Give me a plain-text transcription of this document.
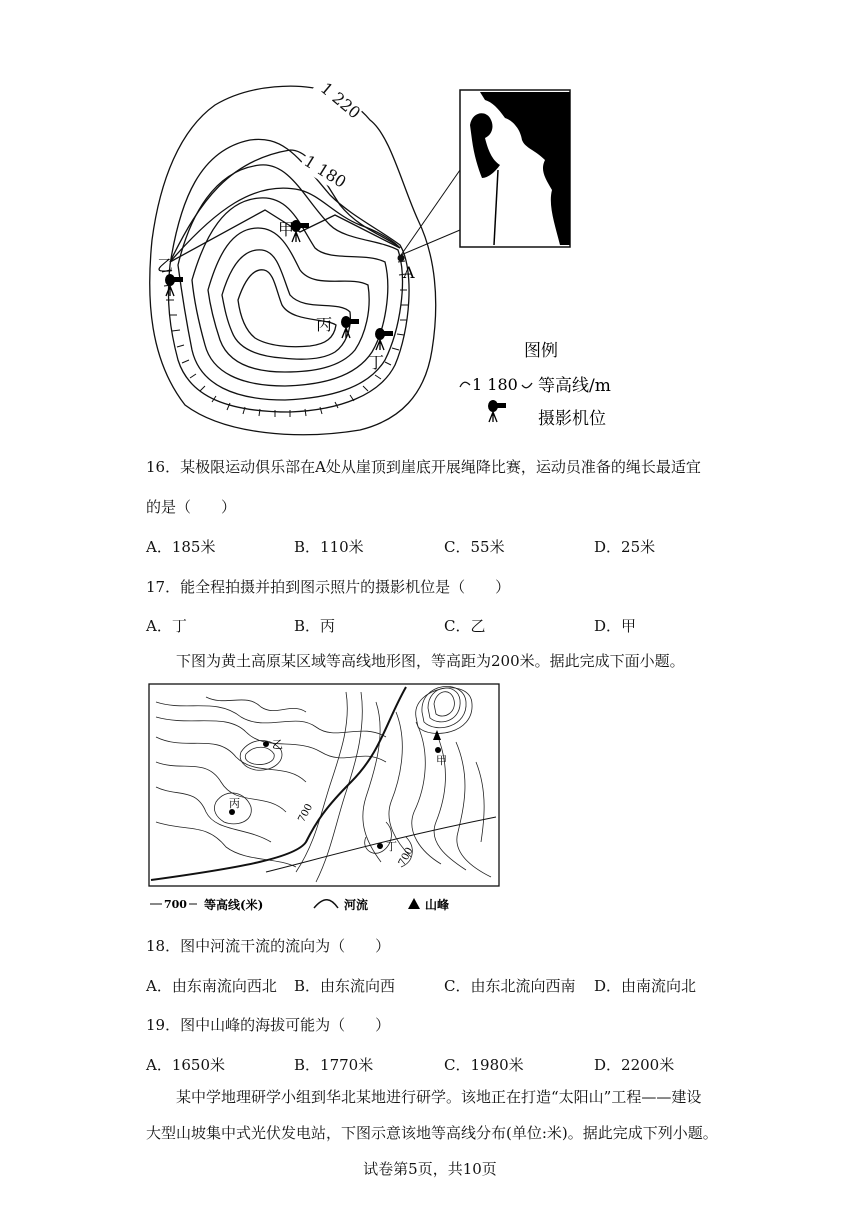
1 220
1 180
A
甲
乙
丙
丁
图例
1 180 等高线/m
摄影机位
16．某极限运动俱乐部在A处从崖顶到崖底开展绳降比赛，运动员准备的绳长最适宜
的是（　　）
A．185米	B．110米	C．55米	D．25米
17．能全程拍摄并拍到图示照片的摄影机位是（　　）
A．丁	B．丙	C．乙	D．甲
下图为黄土高原某区域等高线地形图，等高距为200米。据此完成下面小题。
甲
乙
丙
丁
700
700
700 等高线(米)	河流	山峰
18．图中河流干流的流向为（　　）
A．由东南流向西北 B．由东流向西	C．由东北流向西南 D．由南流向北
19．图中山峰的海拔可能为（　　）
A．1650米	B．1770米	C．1980米	D．2200米
某中学地理研学小组到华北某地进行研学。该地正在打造“太阳山”工程——建设
大型山坡集中式光伏发电站，下图示意该地等高线分布(单位:米)。据此完成下列小题。
试卷第5页，共10页
